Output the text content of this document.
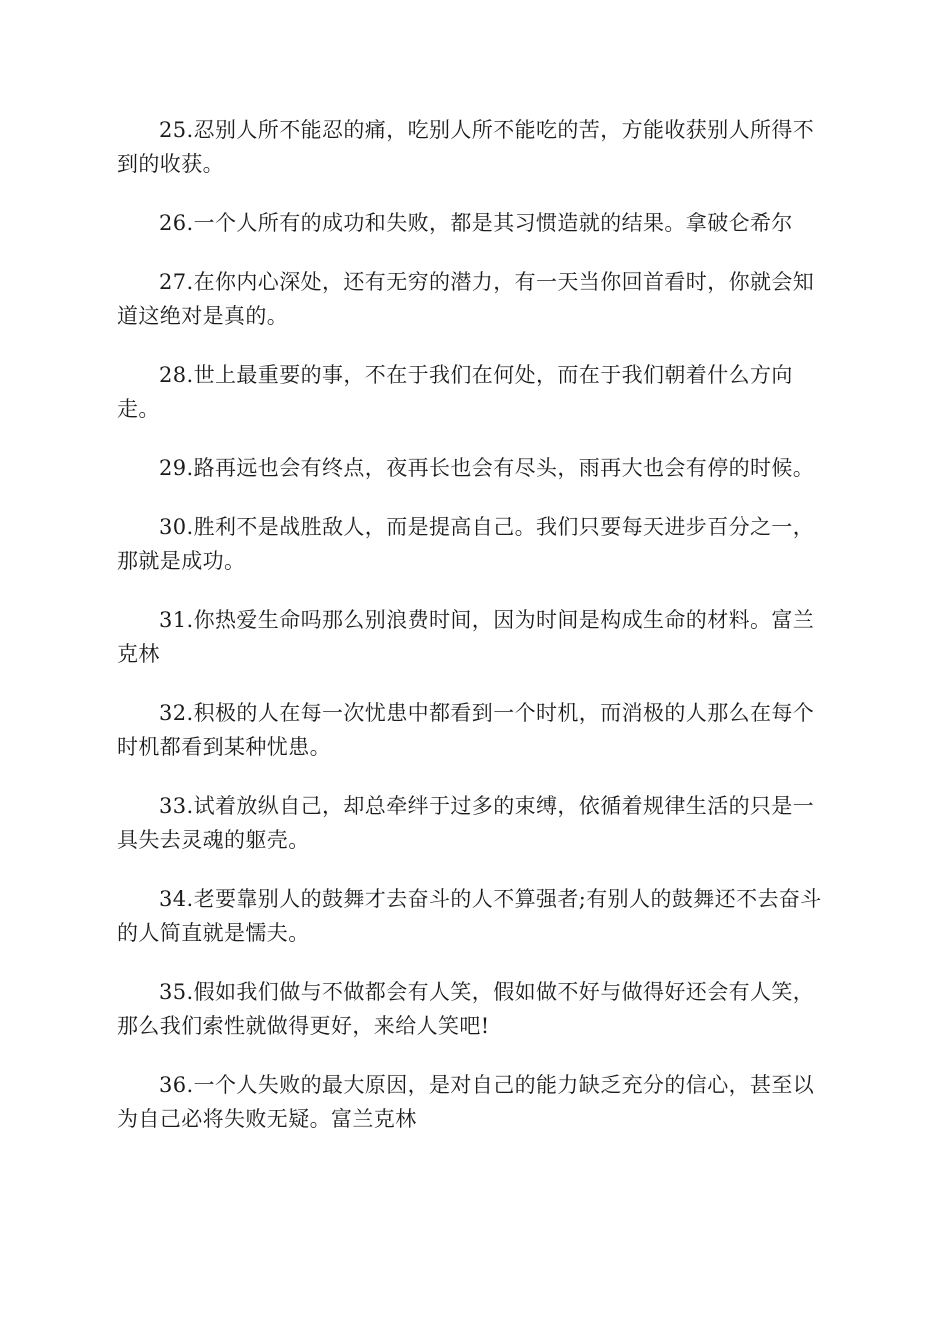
25.忍别人所不能忍的痛，吃别人所不能吃的苦，方能收获别人所得不到的收获。

26.一个人所有的成功和失败，都是其习惯造就的结果。拿破仑希尔

27.在你内心深处，还有无穷的潜力，有一天当你回首看时，你就会知道这绝对是真的。

28.世上最重要的事，不在于我们在何处，而在于我们朝着什么方向走。

29.路再远也会有终点，夜再长也会有尽头，雨再大也会有停的时候。

30.胜利不是战胜敌人，而是提高自己。我们只要每天进步百分之一，那就是成功。

31.你热爱生命吗那么别浪费时间，因为时间是构成生命的材料。富兰克林

32.积极的人在每一次忧患中都看到一个时机，而消极的人那么在每个时机都看到某种忧患。

33.试着放纵自己，却总牵绊于过多的束缚，依循着规律生活的只是一具失去灵魂的躯壳。

34.老要靠别人的鼓舞才去奋斗的人不算强者;有别人的鼓舞还不去奋斗的人简直就是懦夫。

35.假如我们做与不做都会有人笑，假如做不好与做得好还会有人笑，那么我们索性就做得更好，来给人笑吧!

36.一个人失败的最大原因，是对自己的能力缺乏充分的信心，甚至以为自己必将失败无疑。富兰克林
